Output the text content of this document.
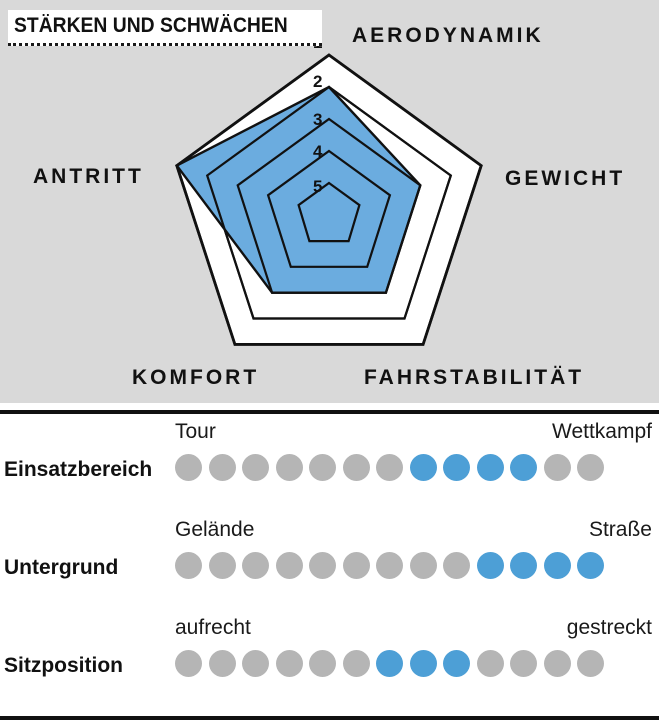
2
3
4
5
AERODYNAMIK
GEWICHT
FAHRSTABILITÄT
KOMFORT
ANTRITT
STÄRKEN UND SCHWÄCHEN
Tour	Wettkampf
Einsatzbereich
Gelände	Straße
Untergrund
aufrecht	gestreckt
Sitzposition
